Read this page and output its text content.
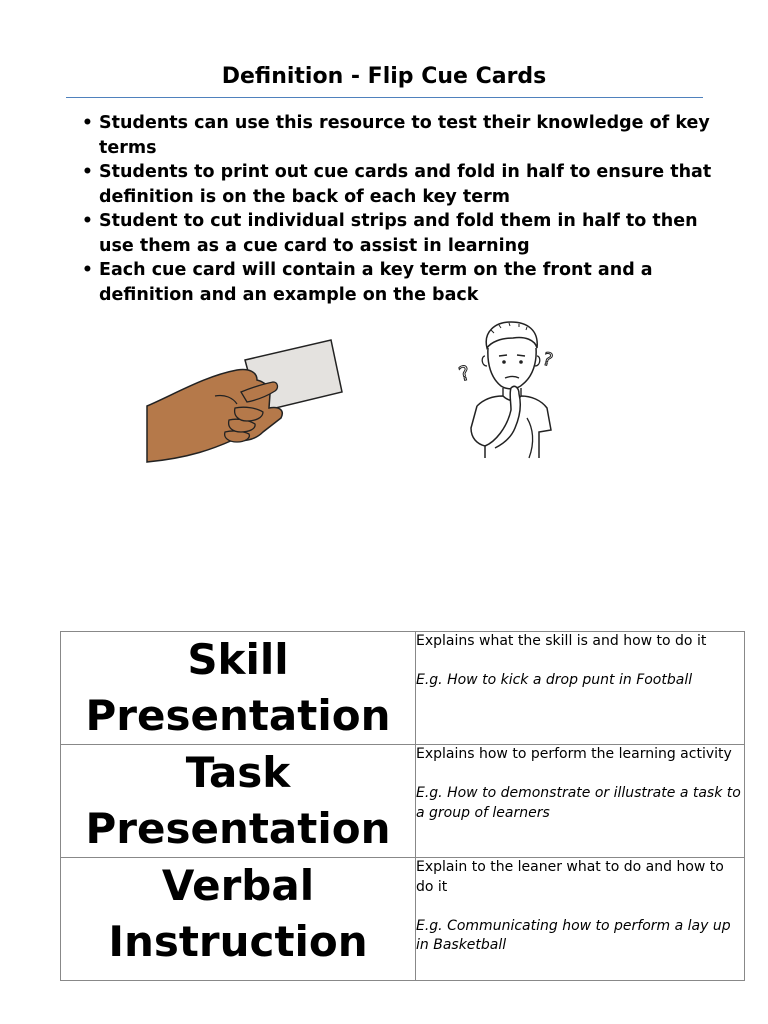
Definition - Flip Cue Cards
• Students can use this resource to test their knowledge of key terms
• Students to print out cue cards and fold in half to ensure that definition is on the back of each key term
• Student to cut individual strips and fold them in half to then use them as a cue card to assist in learning
• Each cue card will contain a key term on the front and a definition and an example on the back
?
?
Skill Presentation	Explains what the skill is and how to do it

E.g. How to kick a drop punt in Football

Task Presentation	Explains how to perform the learning activity

E.g. How to demonstrate or illustrate a task to a group of learners

Verbal Instruction	Explain to the leaner what to do and how to do it

E.g. Communicating how to perform a lay up in Basketball
